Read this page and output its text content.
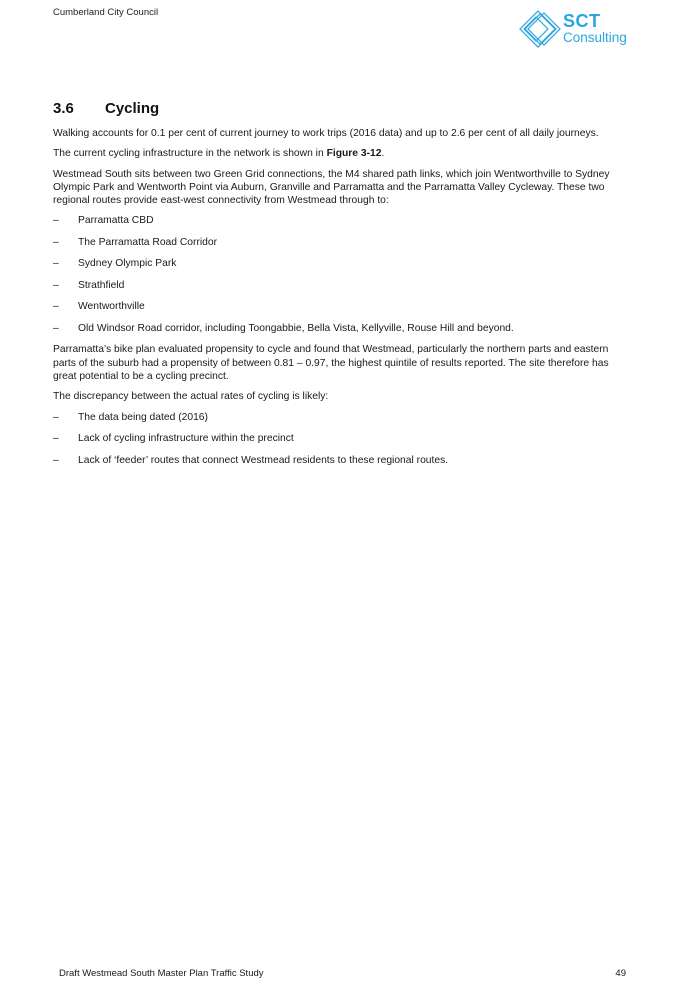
Cumberland City Council	SCT
Consulting
3.6	Cycling

Walking accounts for 0.1 per cent of current journey to work trips (2016 data) and up to 2.6 per cent of all daily journeys.

The current cycling infrastructure in the network is shown in Figure 3-12.

Westmead South sits between two Green Grid connections, the M4 shared path links, which join Wentworthville to Sydney Olympic Park and Wentworth Point via Auburn, Granville and Parramatta and the Parramatta Valley Cycleway. These two regional routes provide east-west connectivity from Westmead through to:

–	Parramatta CBD
–	The Parramatta Road Corridor
–	Sydney Olympic Park
–	Strathfield
–	Wentworthville
–	Old Windsor Road corridor, including Toongabbie, Bella Vista, Kellyville, Rouse Hill and beyond.

Parramatta’s bike plan evaluated propensity to cycle and found that Westmead, particularly the northern parts and eastern parts of the suburb had a propensity of between 0.81 – 0.97, the highest quintile of results reported. The site therefore has great potential to be a cycling precinct.

The discrepancy between the actual rates of cycling is likely:

–	The data being dated (2016)
–	Lack of cycling infrastructure within the precinct
–	Lack of ‘feeder’ routes that connect Westmead residents to these regional routes.
Draft Westmead South Master Plan Traffic Study	49
